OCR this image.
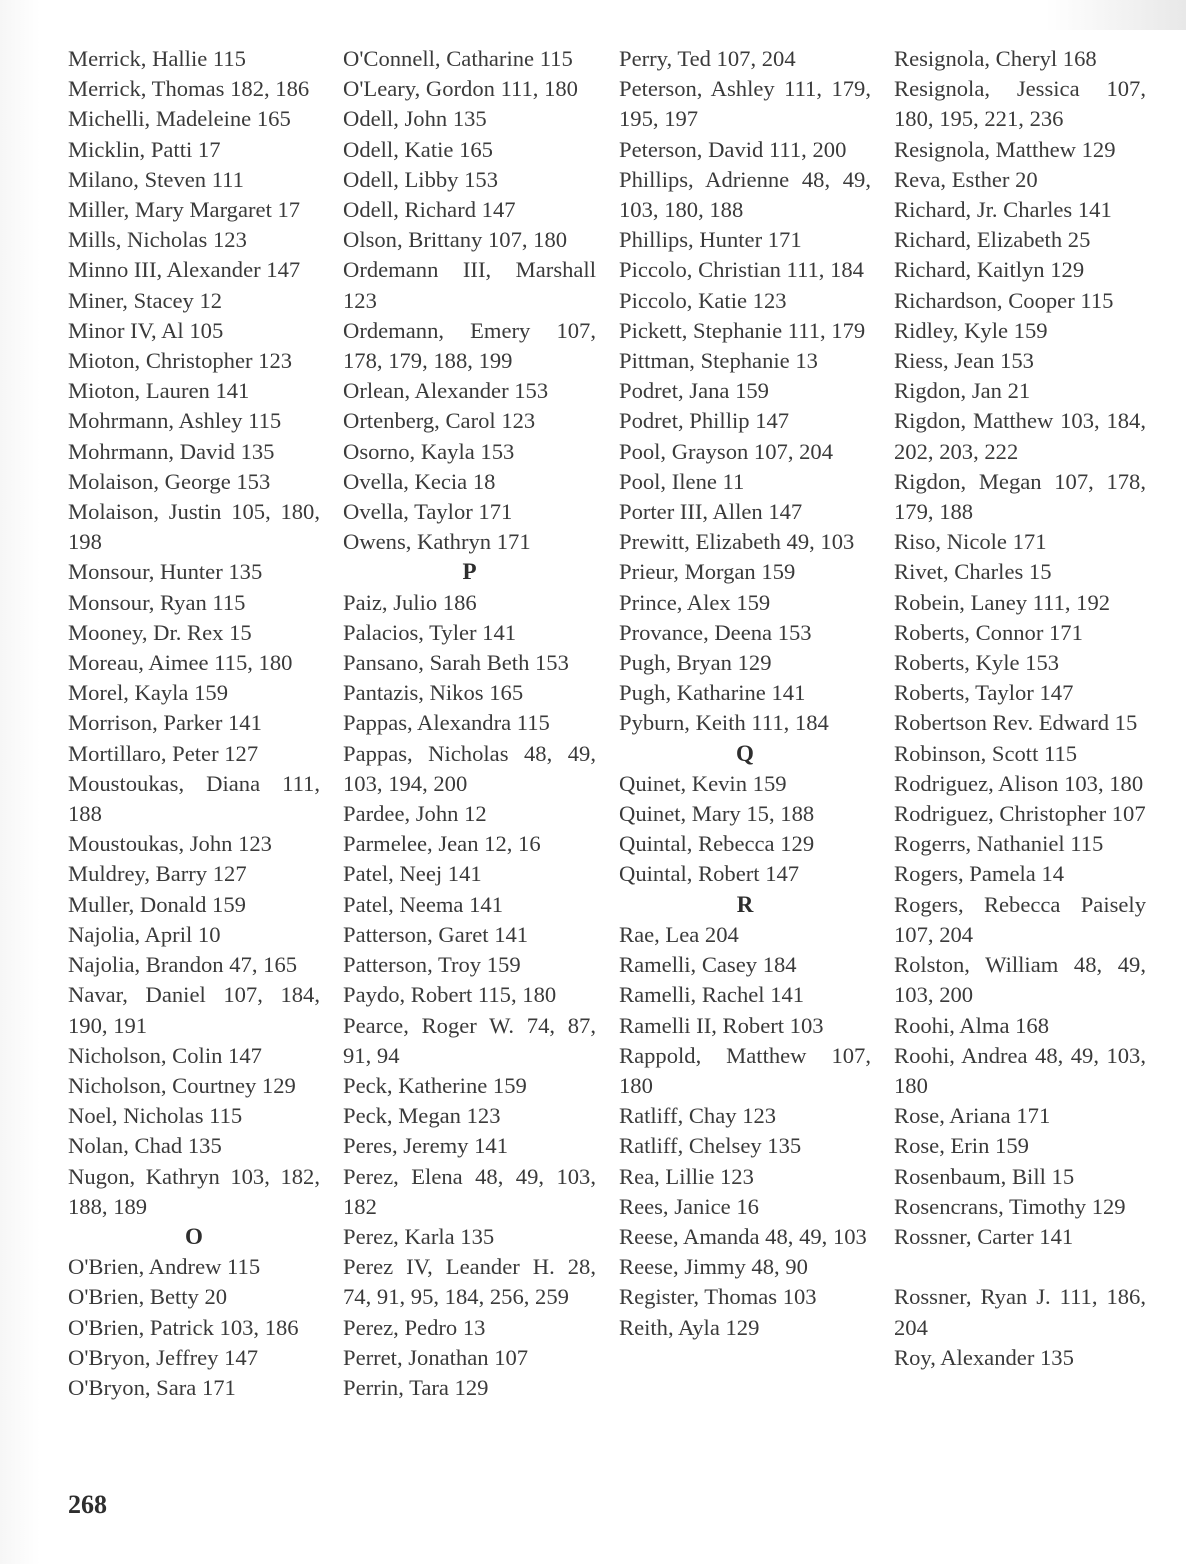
Merrick, Hallie 115
Merrick, Thomas 182, 186
Michelli, Madeleine 165
Micklin, Patti 17
Milano, Steven 111
Miller, Mary Margaret 17
Mills, Nicholas 123
Minno III, Alexander 147
Miner, Stacey 12
Minor IV, Al 105
Mioton, Christopher 123
Mioton, Lauren 141
Mohrmann, Ashley 115
Mohrmann, David 135
Molaison, George 153
Molaison, Justin 105, 180, 198
Monsour, Hunter 135
Monsour, Ryan 115
Mooney, Dr. Rex 15
Moreau, Aimee 115, 180
Morel, Kayla 159
Morrison, Parker 141
Mortillaro, Peter 127
Moustoukas, Diana 111, 188
Moustoukas, John 123
Muldrey, Barry 127
Muller, Donald 159
Najolia, April 10
Najolia, Brandon 47, 165
Navar, Daniel 107, 184, 190, 191
Nicholson, Colin 147
Nicholson, Courtney 129
Noel, Nicholas 115
Nolan, Chad 135
Nugon, Kathryn 103, 182, 188, 189
O
O'Brien, Andrew 115
O'Brien, Betty 20
O'Brien, Patrick 103, 186
O'Bryon, Jeffrey 147
O'Bryon, Sara 171
O'Connell, Catharine 115
O'Leary, Gordon 111, 180
Odell, John 135
Odell, Katie 165
Odell, Libby 153
Odell, Richard 147
Olson, Brittany 107, 180
Ordemann III, Marshall 123
Ordemann, Emery 107, 178, 179, 188, 199
Orlean, Alexander 153
Ortenberg, Carol 123
Osorno, Kayla 153
Ovella, Kecia 18
Ovella, Taylor 171
Owens, Kathryn 171
P
Paiz, Julio 186
Palacios, Tyler 141
Pansano, Sarah Beth 153
Pantazis, Nikos 165
Pappas, Alexandra 115
Pappas, Nicholas 48, 49, 103, 194, 200
Pardee, John 12
Parmelee, Jean 12, 16
Patel, Neej 141
Patel, Neema 141
Patterson, Garet 141
Patterson, Troy 159
Paydo, Robert 115, 180
Pearce, Roger W. 74, 87, 91, 94
Peck, Katherine 159
Peck, Megan 123
Peres, Jeremy 141
Perez, Elena 48, 49, 103, 182
Perez, Karla 135
Perez IV, Leander H. 28, 74, 91, 95, 184, 256, 259
Perez, Pedro 13
Perret, Jonathan 107
Perrin, Tara 129
Perry, Ted 107, 204
Peterson, Ashley 111, 179, 195, 197
Peterson, David 111, 200
Phillips, Adrienne 48, 49, 103, 180, 188
Phillips, Hunter 171
Piccolo, Christian 111, 184
Piccolo, Katie 123
Pickett, Stephanie 111, 179
Pittman, Stephanie 13
Podret, Jana 159
Podret, Phillip 147
Pool, Grayson 107, 204
Pool, Ilene 11
Porter III, Allen 147
Prewitt, Elizabeth 49, 103
Prieur, Morgan 159
Prince, Alex 159
Provance, Deena 153
Pugh, Bryan 129
Pugh, Katharine 141
Pyburn, Keith 111, 184
Q
Quinet, Kevin 159
Quinet, Mary 15, 188
Quintal, Rebecca 129
Quintal, Robert 147
R
Rae, Lea 204
Ramelli, Casey 184
Ramelli, Rachel 141
Ramelli II, Robert 103
Rappold, Matthew 107, 180
Ratliff, Chay 123
Ratliff, Chelsey 135
Rea, Lillie 123
Rees, Janice 16
Reese, Amanda 48, 49, 103
Reese, Jimmy 48, 90
Register, Thomas 103
Reith, Ayla 129
Resignola, Cheryl 168
Resignola, Jessica 107, 180, 195, 221, 236
Resignola, Matthew 129
Reva, Esther 20
Richard, Jr. Charles 141
Richard, Elizabeth 25
Richard, Kaitlyn 129
Richardson, Cooper 115
Ridley, Kyle 159
Riess, Jean 153
Rigdon, Jan 21
Rigdon, Matthew 103, 184, 202, 203, 222
Rigdon, Megan 107, 178, 179, 188
Riso, Nicole 171
Rivet, Charles 15
Robein, Laney 111, 192
Roberts, Connor 171
Roberts, Kyle 153
Roberts, Taylor 147
Robertson Rev. Edward 15
Robinson, Scott 115
Rodriguez, Alison 103, 180
Rodriguez, Christopher 107
Rogerrs, Nathaniel 115
Rogers, Pamela 14
Rogers, Rebecca Paisely 107, 204
Rolston, William 48, 49, 103, 200
Roohi, Alma 168
Roohi, Andrea 48, 49, 103, 180
Rose, Ariana 171
Rose, Erin 159
Rosenbaum, Bill 15
Rosencrans, Timothy 129
Rossner, Carter 141
Rossner, Ryan J. 111, 186, 204
Roy, Alexander 135
268
